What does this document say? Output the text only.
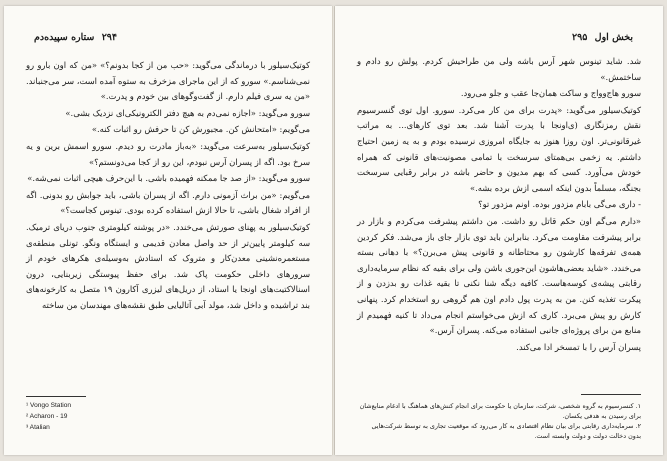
۲۹۴ ستاره سپیده‌دم

کوتیک‌سیلور با درماندگی می‌گوید: «حب من از کجا بدونم؟» «من که اون بارو رو نمی‌شناسم.» سورو که از این ماجرای مزخرف به ستوه آمده است، سر می‌جنباند. «من یه سری فیلم دارم. از گفت‌وگوهای بین خودم و پدرت.»

سورو می‌گوید: «اجازه نمی‌دم به هیچ دفتر الکترونیکی‌ای نزدیک بشی.»

می‌گویم: «امتحانش کن. مجبورش کن تا حرفش رو اثبات کنه.»

کوتیک‌سیلور به‌سرعت می‌گوید: «به‌باز مادرت رو دیدم. سورو اسمش برین و یه سرخ بود. اگه از پسران آرس نبودم، این رو از کجا می‌دونستم؟»

سورو می‌گوید: «از صد جا ممکنه فهمیده باشی. با این‌حرف هیچی اثبات نمی‌شه.»

می‌گویم: «من براث آزمونی دارم. اگه از پسران باشی، باید جوابش رو بدونی. اگه از افراد شغال باشی، تا حالا ازش استفاده کرده بودی. تینوس کجاست؟»

کوتیک‌سیلور به پهنای صورتش می‌خندد. «در پوشنه کیلومتری جنوب دریای ترمیک. سه کیلومتر پایین‌تر از حد واصل معادن قدیمی و ایستگاه ونگو. تونلی منطقه‌ی مستعمره‌نشینی معدن‌کار و متروک که استادش به‌وسیله‌ی هکرهای خودم از سرورهای داخلی حکومت پاک شد. برای حفظ پیوستگی زیربنایی، درون اسنالاکتیت‌های اونجا یا استاد، از دریل‌های لیزری آکارون ۱۹ متصل به کارخونه‌های بند تراشیده و داخل شد، مولد آبی آتالیایی طبق نقشه‌های مهندسان من ساخته

¹ Vongo Station
² Acharon - 19
³ Atalian
بخش اول ۲۹۵

شد. شاید تینوس شهر آرس باشه ولی من طراحیش کردم. پولش رو دادم و ساختمش.»

سورو هاج‌وواج و ساکت همان‌جا عقب و جلو می‌رود.

کوتیک‌سیلور می‌گوید: «پدرت برای من کار می‌کرد. سورو. اول توی گنسرسیوم نقش رمزنگاری (ی‌اونجا با پدرت آشنا شد. بعد توی کارهای... به مراتب غیرقانونی‌تر. اون روزا هنوز به جایگاه امروزی نرسیده بودم و به یه زمین احتیاج داشتم. یه زخمی بی‌همتای سرسخت با تمامی مصونیت‌های قانونی که همراه خودش می‌آورد. کسی که بهم مدیون و حاضر باشه در برابر رقبایی سرسخت بجنگه، مسلماً بدون اینکه اسمی از‌ش برده بشه.»

- داری می‌گی بابام مزدور بوده. اونم مزدور تو؟

«دارم می‌گم اون حکم قاتل رو داشت. من داشتم پیشرفت می‌کردم و بازار در برابر پیشرفت مقاومت می‌کرد. بنابراین باید توی بازار جای باز می‌شد. فکر کردین همه‌ی تفرقه‌ها کارشون رو محتاطانه و قانونی پیش می‌برن؟» با دهانی بسته می‌خندد. «شاید بعضی‌هاشون این‌جوری باشن ولی برای بقیه که نظام سرمایه‌داری رقابتی پیشه‌ی کوسه‌هاست. کافیه دیگه شنا نکنی تا بقیه غذات رو بدزدن و از پیکرت تغذیه کنن. من به پدرت پول دادم اون هم گروهی رو استخدام کرد. پنهانی کارش رو پیش می‌برد. کاری که ازش می‌خواستم انجام می‌داد تا کنیه فهمیدم از منابع من برای پروژه‌ای جانبی استفاده می‌کنه. پسران آرس.»

پسران آرس را با تمسخر ادا می‌کند.

۱. کنسرسیوم به گروه شخصی، شرکت، سازمان یا حکومت برای انجام کنش‌های هماهنگ با ادغام منابع‌شان برای رسیدن به هدفی یکسان.
۲. سرمایه‌داری رقابتی برای بیان نظام اقتصادی به کار می‌رود که موقعیت تجاری به توسط شرکت‌هایی بدون دخالت دولت و دولت وابسته است.
